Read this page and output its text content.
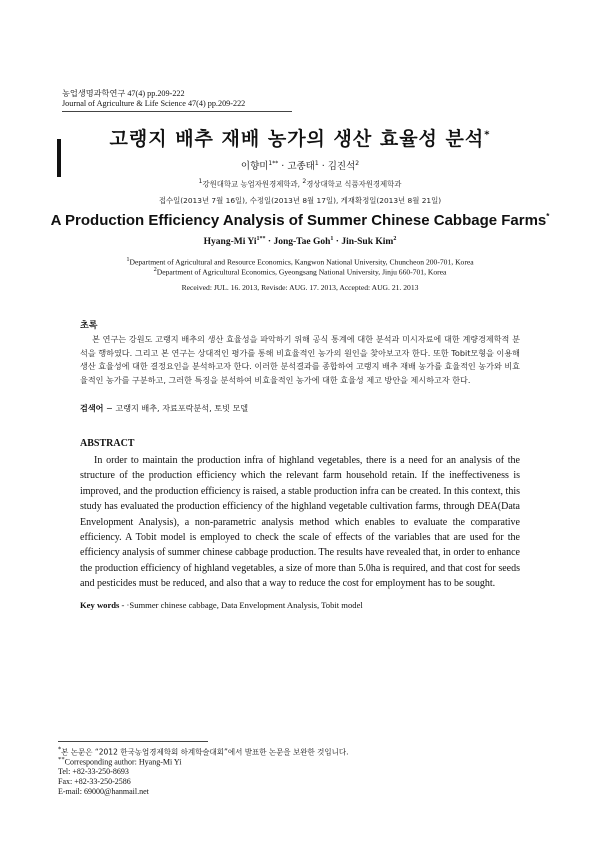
농업생명과학연구 47(4) pp.209-222
Journal of Agriculture & Life Science 47(4) pp.209-222
고랭지 배추 재배 농가의 생산 효율성 분석*
이향미$^{1**}$ · 고종태$^1$ · 김진석$^2$
$^1$강원대학교 농업자원경제학과, $^2$경상대학교 식품자원경제학과
접수일(2013년 7월 16일), 수정일(2013년 8월 17일), 게재확정일(2013년 8월 21일)
A Production Efficiency Analysis of Summer Chinese Cabbage Farms*
Hyang-Mi $Yi^{1**}$ · Jong-Tae Goh$^1$ · Jin-Suk Kim$^2$
$^1$Department of Agricultural and Resource Economics, Kangwon National University, Chuncheon 200-701, Korea
$^2$Department of Agricultural Economics, Gyeongsang National University, Jinju 660-701, Korea
Received: JUL. 16. 2013, Revisde: AUG. 17. 2013, Accepted: AUG. 21. 2013
초록
본 연구는 강원도 고랭지 배추의 생산 효율성을 파악하기 위해 공식 통계에 대한 분석과 미시자료에 대한 계량경제학적 분석을 행하였다. 그리고 본 연구는 상대적인 평가를 통해 비효율적인 농가의 원인을 찾아보고자 한다. 또한 Tobit모형을 이용해 생산 효율성에 대한 결정요인을 분석하고자 한다. 이러한 분석결과를 종합하여 고랭지 배추 재배 농가를 효율적인 농가와 비효율적인 농가를 구분하고, 그러한 특징을 분석하여 비효율적인 농가에 대한 효율성 제고 방안을 제시하고자 한다.
검색어 − 고랭지 배추, 자료포락분석, 토빗 모델
ABSTRACT
In order to maintain the production infra of highland vegetables, there is a need for an analysis of the structure of the production efficiency which the relevant farm household retain. If the ineffectiveness is improved, and the production efficiency is raised, a stable production infra can be created. In this context, this study has evaluated the production efficiency of the highland vegetable cultivation farms, through DEA(Data Envelopment Analysis), a non-parametric analysis method which enables to evaluate the comparative efficiency. A Tobit model is employed to check the scale of effects of the variables that are used for the efficiency analysis of summer chinese cabbage production. The results have revealed that, in order to enhance the production efficiency of highland vegetables, a size of more than 5.0ha is required, and that cost for seeds and pesticides must be reduced, and also that a way to reduce the cost for employment has to be sought.
Key words - ·Summer chinese cabbage, Data Envelopment Analysis, Tobit model
*본 논문은 “2012 한국농업경제학회 하계학술대회”에서 발표한 논문을 보완한 것입니다.
**Corresponding author: Hyang-Mi Yi
Tel: +82-33-250-8693
Fax: +82-33-250-2586
E-mail: 69000@hanmail.net
